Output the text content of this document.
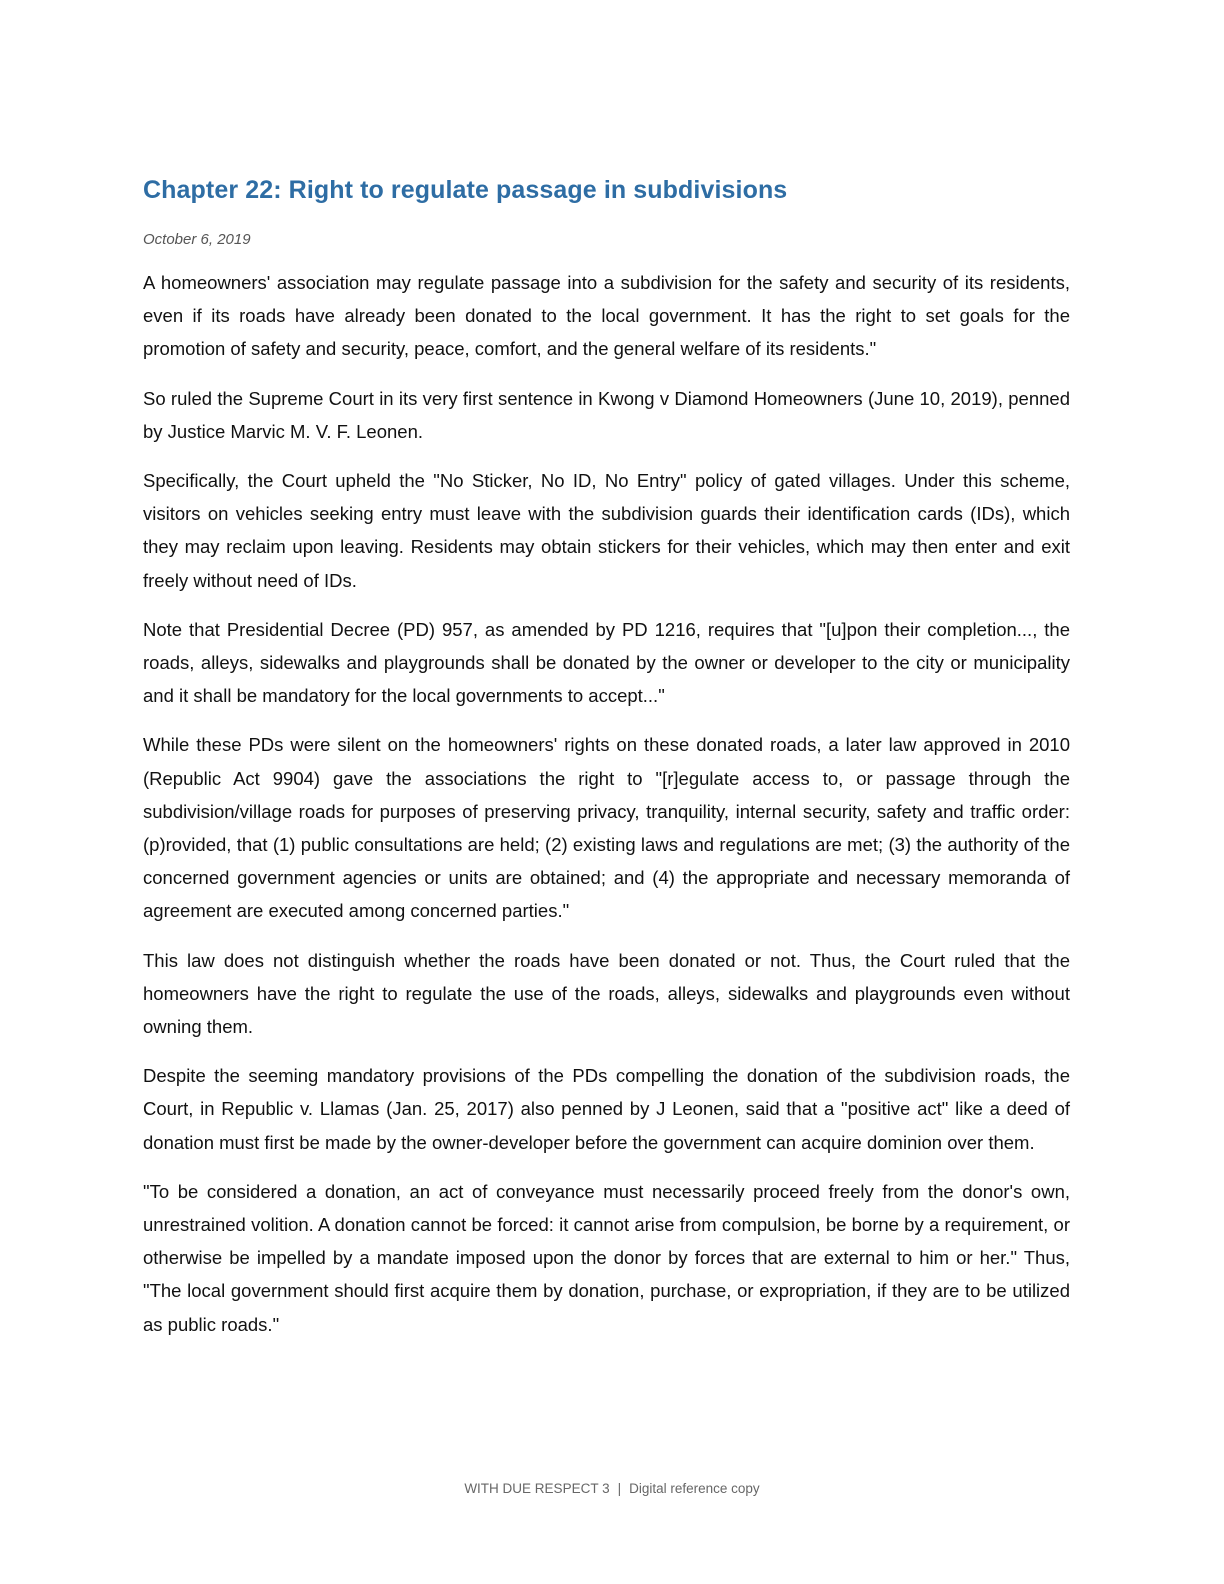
Chapter 22: Right to regulate passage in subdivisions
October 6, 2019

A homeowners' association may regulate passage into a subdivision for the safety and security of its residents, even if its roads have already been donated to the local government. It has the right to set goals for the promotion of safety and security, peace, comfort, and the general welfare of its residents."

So ruled the Supreme Court in its very first sentence in Kwong v Diamond Homeowners (June 10, 2019), penned by Justice Marvic M. V. F. Leonen.

Specifically, the Court upheld the "No Sticker, No ID, No Entry" policy of gated villages. Under this scheme, visitors on vehicles seeking entry must leave with the subdivision guards their identification cards (IDs), which they may reclaim upon leaving. Residents may obtain stickers for their vehicles, which may then enter and exit freely without need of IDs.

Note that Presidential Decree (PD) 957, as amended by PD 1216, requires that "[u]pon their completion..., the roads, alleys, sidewalks and playgrounds shall be donated by the owner or developer to the city or municipality and it shall be mandatory for the local governments to accept..."

While these PDs were silent on the homeowners' rights on these donated roads, a later law approved in 2010 (Republic Act 9904) gave the associations the right to "[r]egulate access to, or passage through the subdivision/village roads for purposes of preserving privacy, tranquility, internal security, safety and traffic order: (p)rovided, that (1) public consultations are held; (2) existing laws and regulations are met; (3) the authority of the concerned government agencies or units are obtained; and (4) the appropriate and necessary memoranda of agreement are executed among concerned parties."

This law does not distinguish whether the roads have been donated or not. Thus, the Court ruled that the homeowners have the right to regulate the use of the roads, alleys, sidewalks and playgrounds even without owning them.

Despite the seeming mandatory provisions of the PDs compelling the donation of the subdivision roads, the Court, in Republic v. Llamas (Jan. 25, 2017) also penned by J Leonen, said that a "positive act" like a deed of donation must first be made by the owner-developer before the government can acquire dominion over them.

"To be considered a donation, an act of conveyance must necessarily proceed freely from the donor's own, unrestrained volition. A donation cannot be forced: it cannot arise from compulsion, be borne by a requirement, or otherwise be impelled by a mandate imposed upon the donor by forces that are external to him or her." Thus, "The local government should first acquire them by donation, purchase, or expropriation, if they are to be utilized as public roads."

WITH DUE RESPECT 3 | Digital reference copy
